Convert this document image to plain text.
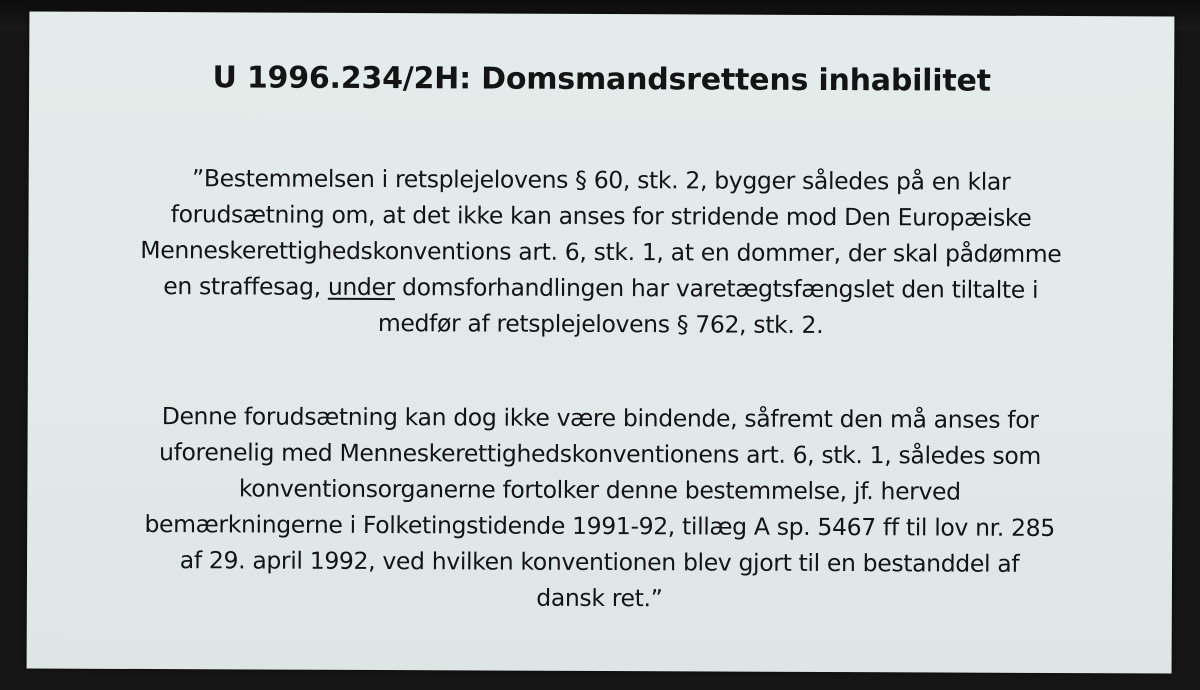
U 1996.234/2H: Domsmandsrettens inhabilitet
”Bestemmelsen i retsplejelovens § 60, stk. 2, bygger således på en klar
forudsætning om, at det ikke kan anses for stridende mod Den Europæiske
Menneskerettighedskonventions art. 6, stk. 1, at en dommer, der skal pådømme
en straffesag, under domsforhandlingen har varetægtsfængslet den tiltalte i
medfør af retsplejelovens § 762, stk. 2.
Denne forudsætning kan dog ikke være bindende, såfremt den må anses for
uforenelig med Menneskerettighedskonventionens art. 6, stk. 1, således som
konventionsorganerne fortolker denne bestemmelse, jf. herved
bemærkningerne i Folketingstidende 1991-92, tillæg A sp. 5467 ff til lov nr. 285
af 29. april 1992, ved hvilken konventionen blev gjort til en bestanddel af
dansk ret.”
